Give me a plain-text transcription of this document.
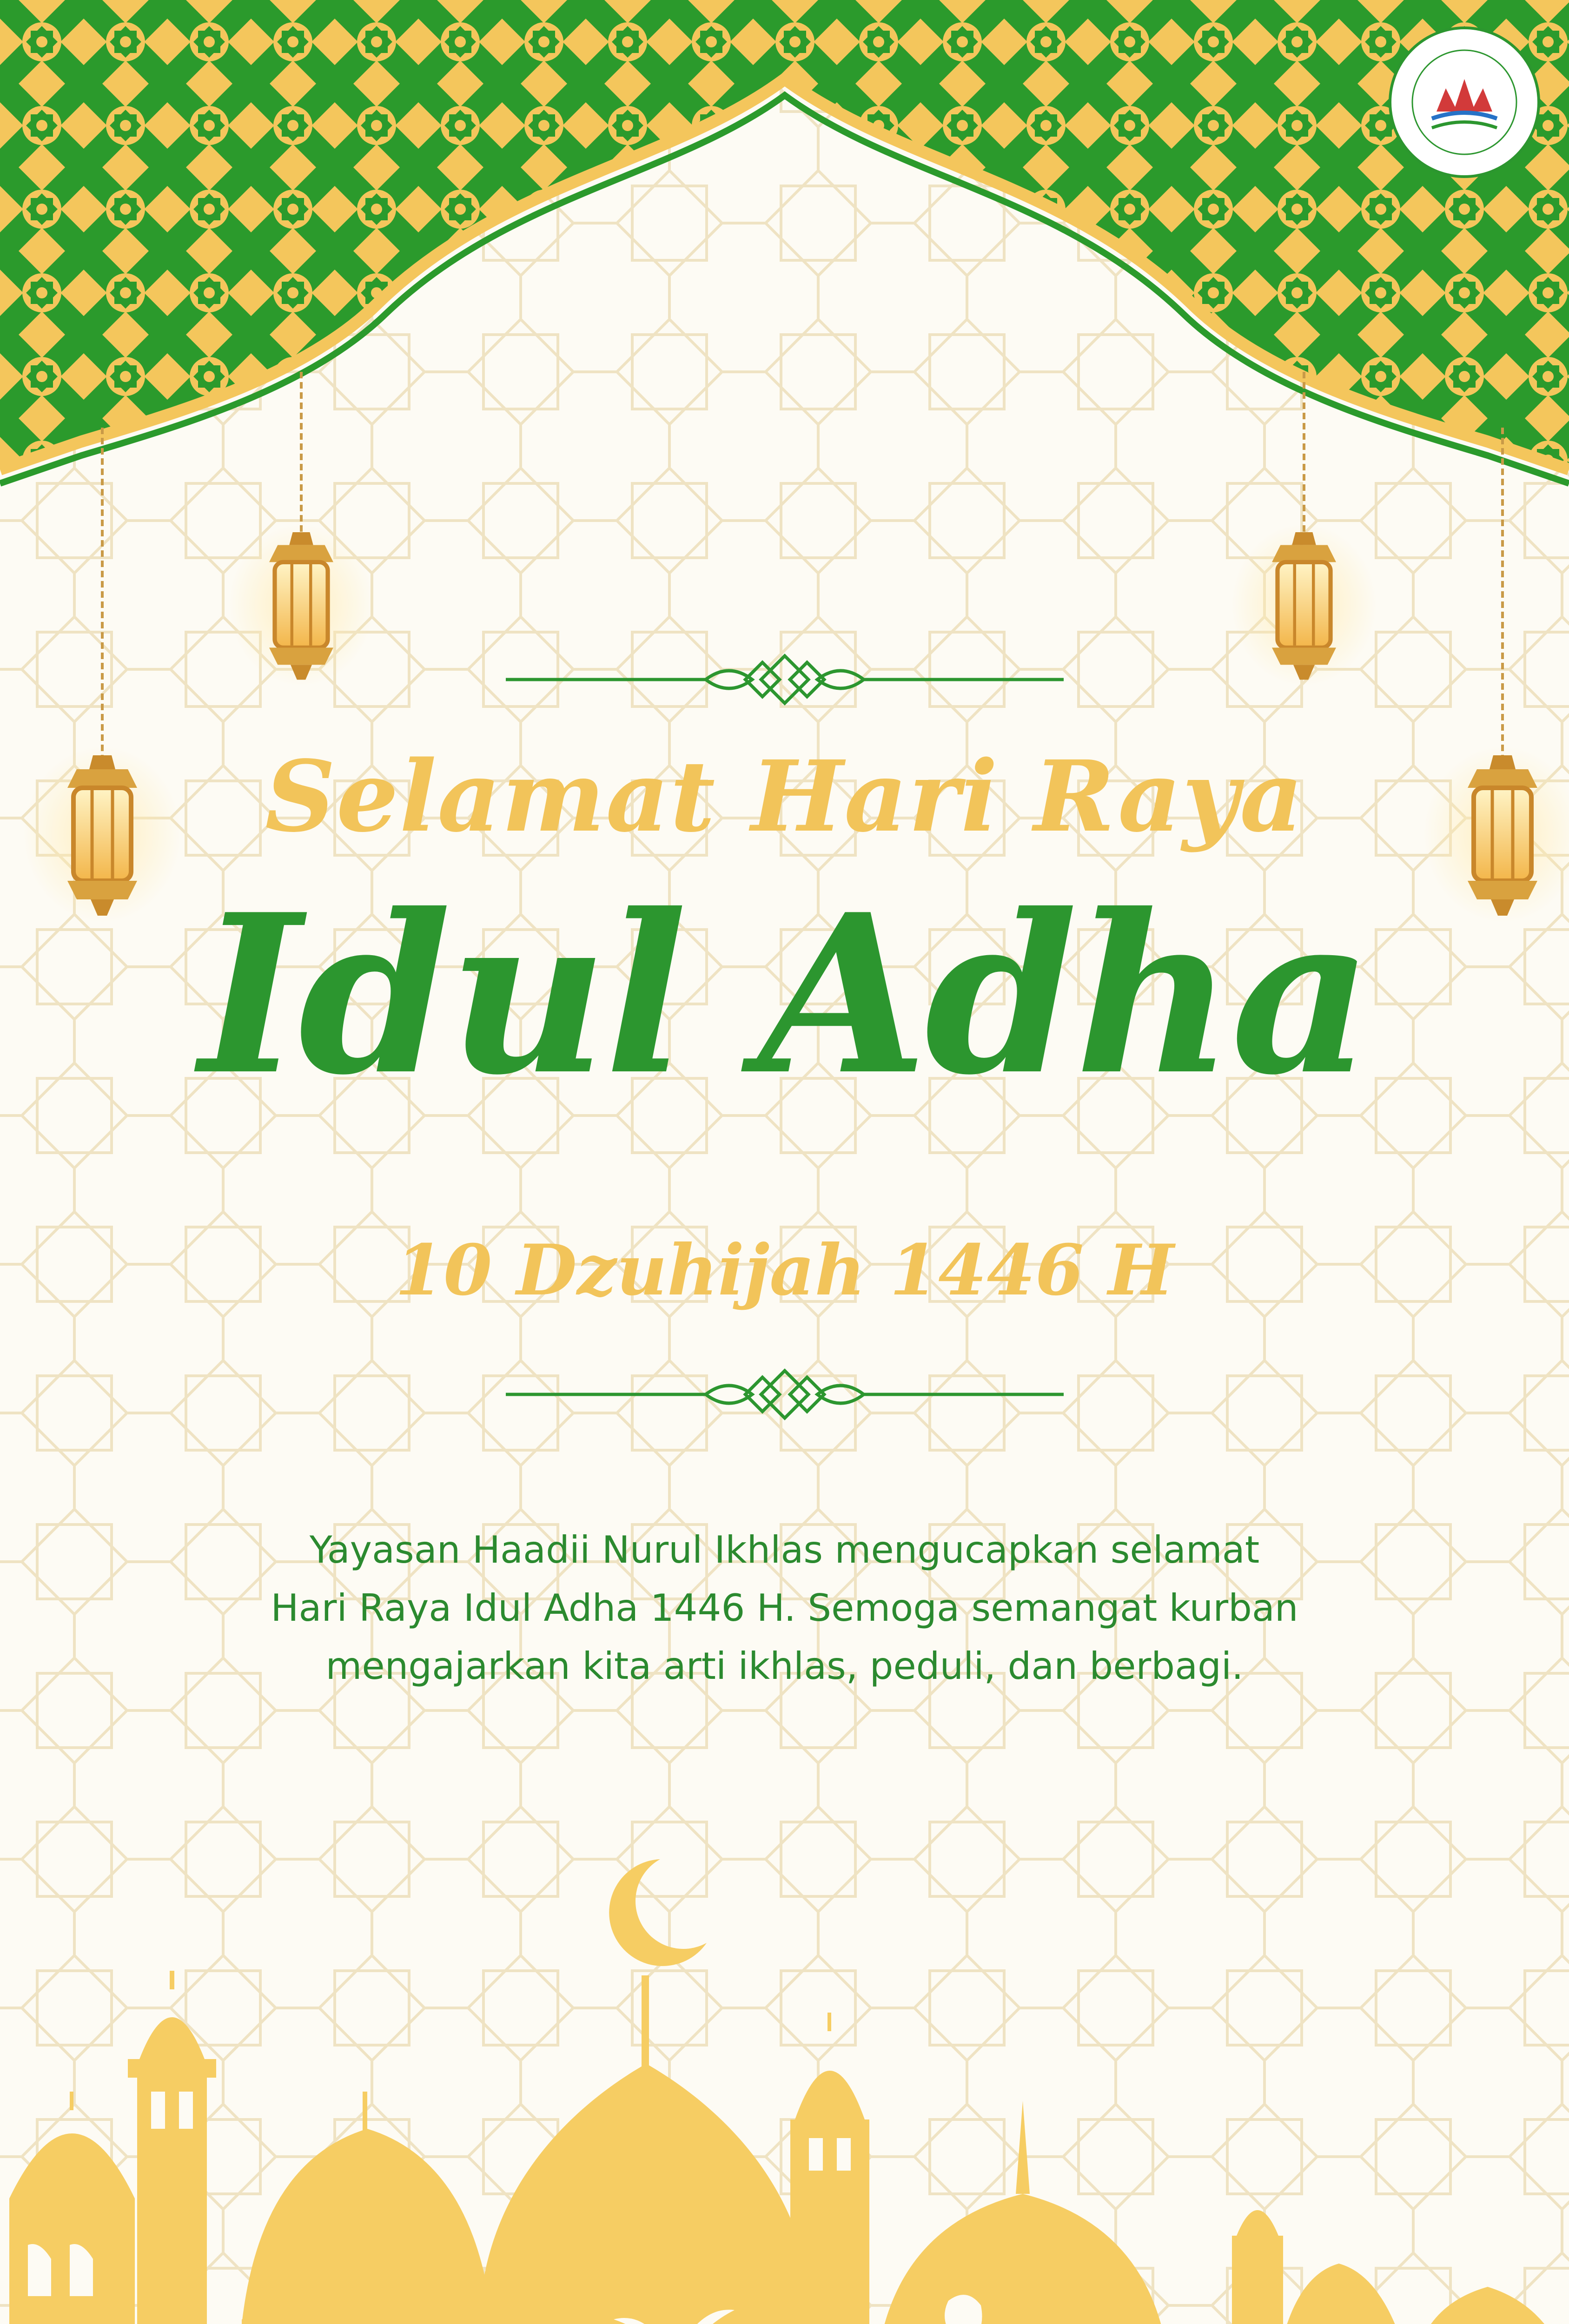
Selamat Hari Raya
Idul Adha
10 Dzuhijah 1446 H
Yayasan Haadii Nurul Ikhlas mengucapkan selamat
Hari Raya Idul Adha 1446 H. Semoga semangat kurban
mengajarkan kita arti ikhlas, peduli, dan berbagi.
